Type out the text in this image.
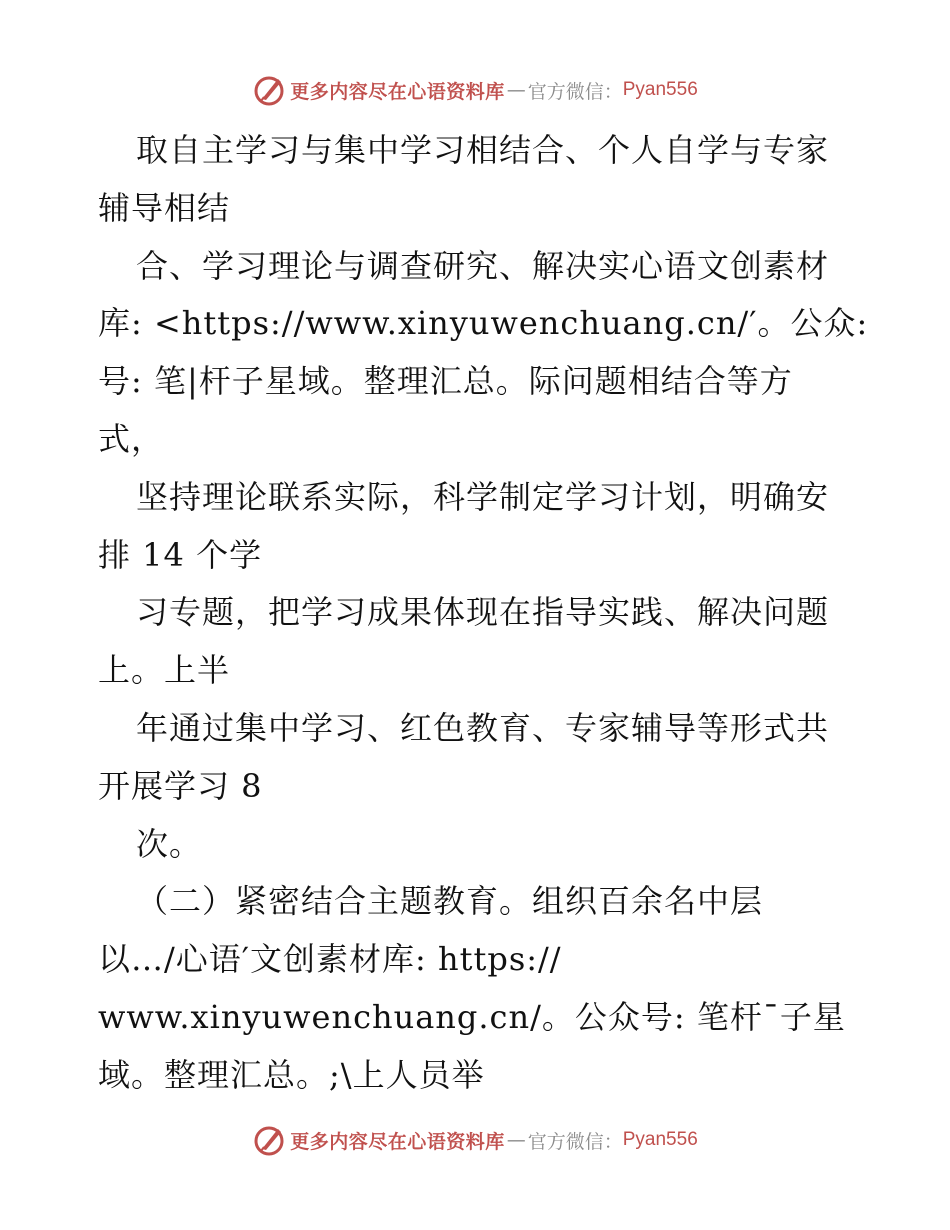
更多内容尽在心语资料库 — 官方微信： Pyan556
取自主学习与集中学习相结合、个人自学与专家
辅导相结
合、学习理论与调查研究、解决实心语文创素材
库: <https://www.xinyuwenchuang.cn/′。公众:
号: 笔|杆子星域。整理汇总。际问题相结合等方
式，
坚持理论联系实际，科学制定学习计划，明确安
排 14 个学
习专题，把学习成果体现在指导实践、解决问题
上。上半
年通过集中学习、红色教育、专家辅导等形式共
开展学习 8
次。
（二）紧密结合主题教育。组织百余名中层
以…/心语′文创素材库: https://
www.xinyuwenchuang.cn/。公众号: 笔杆¯子星
域。整理汇总。;\上人员举
更多内容尽在心语资料库 — 官方微信： Pyan556
